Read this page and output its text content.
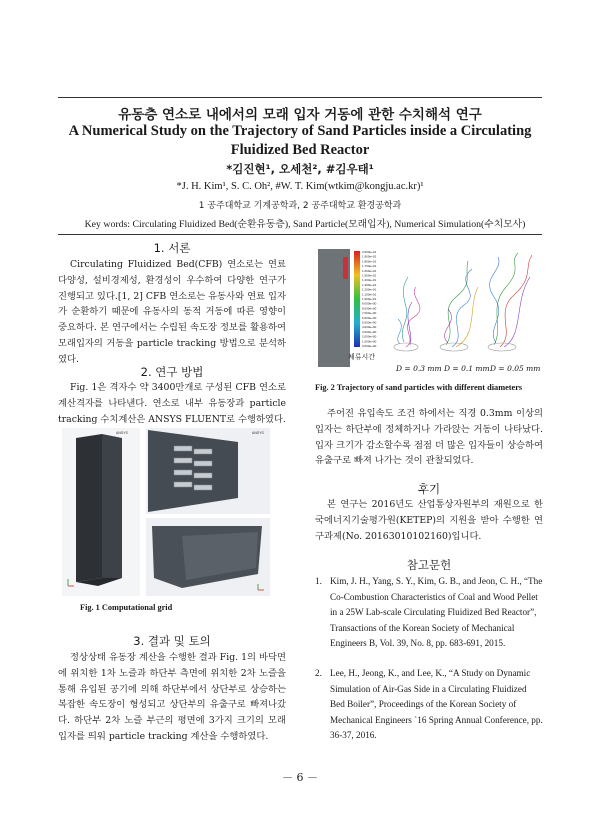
유동층 연소로 내에서의 모래 입자 거동에 관한 수치해석 연구
A Numerical Study on the Trajectory of Sand Particles inside a Circulating
Fluidized Bed Reactor
*김진현¹, 오세천², #김우태¹
*J. H. Kim¹, S. C. Oh², #W. T. Kim(wtkim@kongju.ac.kr)¹
1 공주대학교 기계공학과, 2 공주대학교 환경공학과
Key words: Circulating Fluidized Bed(순환유동층), Sand Particle(모래입자), Numerical Simulation(수치모사)
1. 서론

Circulating Fluidized Bed(CFB) 연소로는 연료다양성, 설비경제성, 환경성이 우수하여 다양한 연구가 진행되고 있다.[1, 2] CFB 연소로는 유동사와 연료 입자가 순환하기 때문에 유동사의 동적 거동에 따른 영향이 중요하다. 본 연구에서는 수립된 속도장 정보를 활용하여 모래입자의 거동을 particle tracking 방법으로 분석하였다.

2. 연구 방법

Fig. 1은 격자수 약 3400만개로 구성된 CFB 연소로 계산격자를 나타낸다. 연소로 내부 유동장과 particle tracking 수치계산은 ANSYS FLUENT로 수행하였다.

ANSYS	ANSYS
Fig. 1 Computational grid
3. 결과 및 토의

정상상태 유동장 계산을 수행한 결과 Fig. 1의 바닥면에 위치한 1차 노즐과 하단부 측면에 위치한 2차 노즐을 통해 유입된 공기에 의해 하단부에서 상단부로 상승하는 복잡한 속도장이 형성되고 상단부의 유출구로 빠져나갔다. 하단부 2차 노즐 부근의 평면에 3가지 크기의 모래 입자를 띄워 particle tracking 계산을 수행하였다.

2.000e+01
1.900e+01
1.800e+01
1.700e+01
1.600e+01
1.500e+01
1.400e+01
1.300e+01
1.200e+01
1.100e+01
1.000e+01
9.000e+00
8.000e+00
7.000e+00
6.000e+00
5.000e+00
4.000e+00
3.000e+00
2.000e+00
1.000e+00
0.000e+00
체류시간
D = 0.3 mm D = 0.1 mm D = 0.05 mm
Fig. 2 Trajectory of sand particles with different diameters

주어진 유입속도 조건 하에서는 직경 0.3mm 이상의 입자는 하단부에 정체하거나 가라앉는 거동이 나타났다. 입자 크기가 감소할수록 점점 더 많은 입자들이 상승하여 유출구로 빠져 나가는 것이 관찰되었다.

후기

본 연구는 2016년도 산업통상자원부의 재원으로 한국에너지기술평가원(KETEP)의 지원을 받아 수행한 연구과제(No. 20163010102160)입니다.

참고문헌
1. Kim, J. H., Yang, S. Y., Kim, G. B., and Jeon, C. H., “The Co-Combustion Characteristics of Coal and Wood Pellet in a 25W Lab-scale Circulating Fluidized Bed Reactor”, Transactions of the Korean Society of Mechanical Engineers B, Vol. 39, No. 8, pp. 683-691, 2015.
2. Lee, H., Jeong, K., and Lee, K., “A Study on Dynamic Simulation of Air-Gas Side in a Circulating Fluidized Bed Boiler”, Proceedings of the Korean Society of Mechanical Engineers `16 Spring Annual Conference, pp. 36-37, 2016.
－ 6 －
